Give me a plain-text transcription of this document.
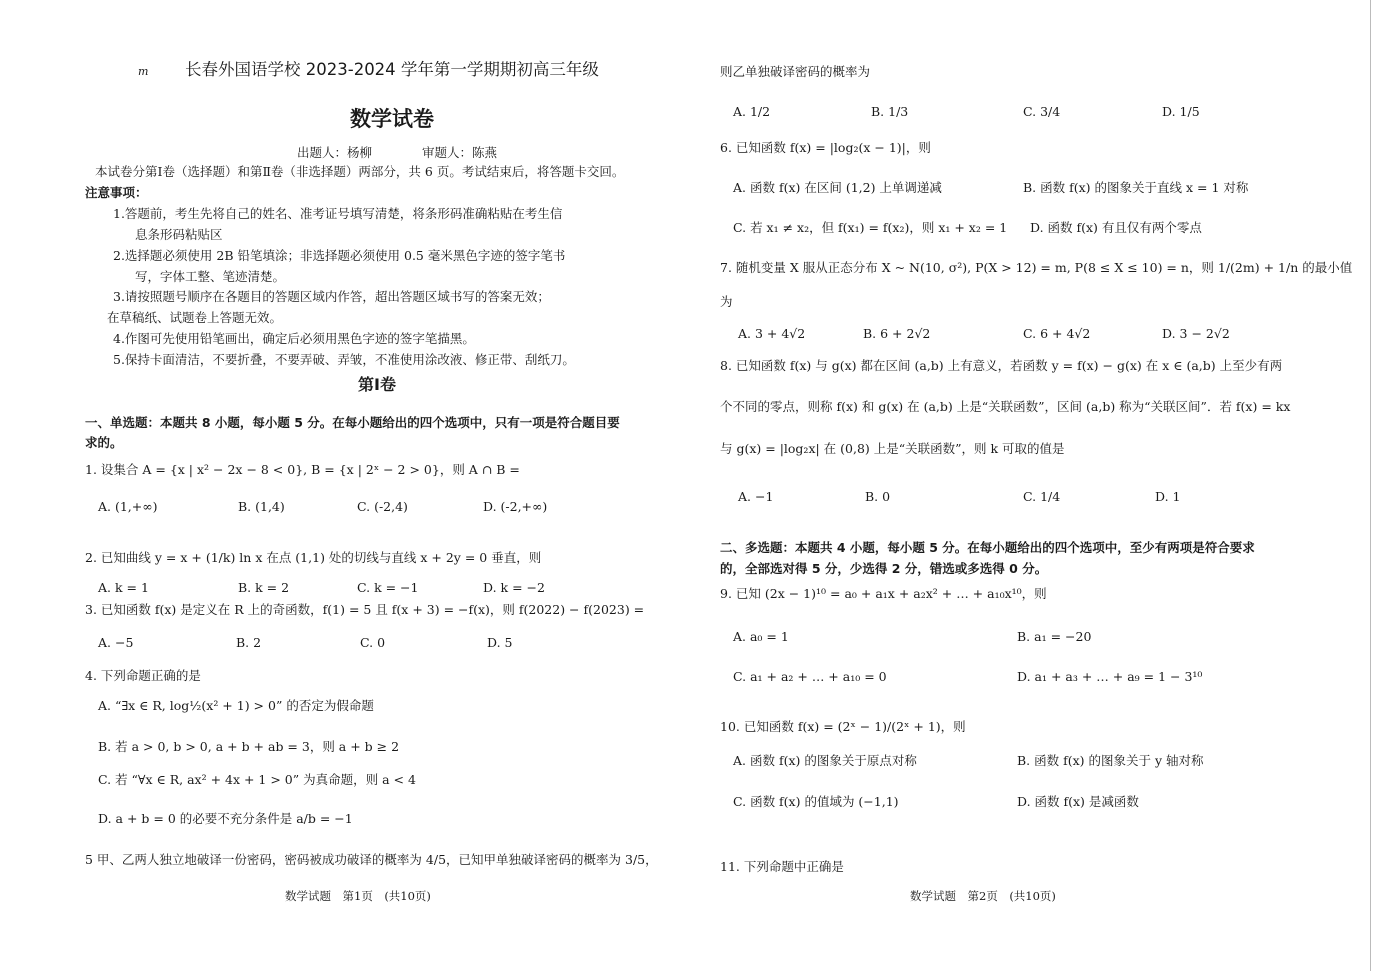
m 长春外国语学校 2023-2024 学年第一学期期初高三年级
数学试卷
出题人：杨柳	审题人：陈燕
本试卷分第Ⅰ卷（选择题）和第Ⅱ卷（非选择题）两部分，共 6 页。考试结束后，将答题卡交回。
注意事项：
1.答题前，考生先将自己的姓名、准考证号填写清楚，将条形码准确粘贴在考生信
息条形码粘贴区
2.选择题必须使用 2B 铅笔填涂；非选择题必须使用 0.5 毫米黑色字迹的签字笔书
写，字体工整、笔迹清楚。
3.请按照题号顺序在各题目的答题区域内作答，超出答题区域书写的答案无效；
在草稿纸、试题卷上答题无效。
4.作图可先使用铅笔画出，确定后必须用黑色字迹的签字笔描黑。
5.保持卡面清洁，不要折叠，不要弄破、弄皱，不准使用涂改液、修正带、刮纸刀。
第Ⅰ卷
一、单选题：本题共 8 小题，每小题 5 分。在每小题给出的四个选项中，只有一项是符合题目要
求的。
1. 设集合 A = {x | x² − 2x − 8 < 0}, B = {x | 2ˣ − 2 > 0}，则 A ∩ B =
A. (1,+∞)	B. (1,4)	C. (-2,4)	D. (-2,+∞)
2. 已知曲线 y = x + (1/k) ln x 在点 (1,1) 处的切线与直线 x + 2y = 0 垂直，则
A. k = 1	B. k = 2	C. k = −1	D. k = −2
3. 已知函数 f(x) 是定义在 R 上的奇函数，f(1) = 5 且 f(x + 3) = −f(x)，则 f(2022) − f(2023) =
A. −5	B. 2	C. 0	D. 5
4. 下列命题正确的是
A. “∃x ∈ R, log½(x² + 1) > 0” 的否定为假命题
B. 若 a > 0, b > 0, a + b + ab = 3，则 a + b ≥ 2
C. 若 “∀x ∈ R, ax² + 4x + 1 > 0” 为真命题，则 a < 4
D. a + b = 0 的必要不充分条件是 a/b = −1
5 甲、乙两人独立地破译一份密码，密码被成功破译的概率为 4/5，已知甲单独破译密码的概率为 3/5，
数学试题　第1页　(共10页)
则乙单独破译密码的概率为
A. 1/2	B. 1/3	C. 3/4	D. 1/5
6. 已知函数 f(x) = |log₂(x − 1)|，则
A. 函数 f(x) 在区间 (1,2) 上单调递减	B. 函数 f(x) 的图象关于直线 x = 1 对称
C. 若 x₁ ≠ x₂，但 f(x₁) = f(x₂)，则 x₁ + x₂ = 1 D. 函数 f(x) 有且仅有两个零点
7. 随机变量 X 服从正态分布 X ~ N(10, σ²), P(X > 12) = m, P(8 ≤ X ≤ 10) = n，则 1/(2m) + 1/n 的最小值
为
A. 3 + 4√2	B. 6 + 2√2	C. 6 + 4√2	D. 3 − 2√2
8. 已知函数 f(x) 与 g(x) 都在区间 (a,b) 上有意义，若函数 y = f(x) − g(x) 在 x ∈ (a,b) 上至少有两
个不同的零点，则称 f(x) 和 g(x) 在 (a,b) 上是“关联函数”，区间 (a,b) 称为“关联区间”．若 f(x) = kx
与 g(x) = |log₂x| 在 (0,8) 上是“关联函数”，则 k 可取的值是
A. −1	B. 0	C. 1/4	D. 1
二、多选题：本题共 4 小题，每小题 5 分。在每小题给出的四个选项中，至少有两项是符合要求
的，全部选对得 5 分，少选得 2 分，错选或多选得 0 分。
9. 已知 (2x − 1)¹⁰ = a₀ + a₁x + a₂x² + … + a₁₀x¹⁰，则
A. a₀ = 1	B. a₁ = −20
C. a₁ + a₂ + … + a₁₀ = 0	D. a₁ + a₃ + … + a₉ = 1 − 3¹⁰
10. 已知函数 f(x) = (2ˣ − 1)/(2ˣ + 1)，则
A. 函数 f(x) 的图象关于原点对称	B. 函数 f(x) 的图象关于 y 轴对称
C. 函数 f(x) 的值域为 (−1,1)	D. 函数 f(x) 是减函数
11. 下列命题中正确是
数学试题　第2页　(共10页)
